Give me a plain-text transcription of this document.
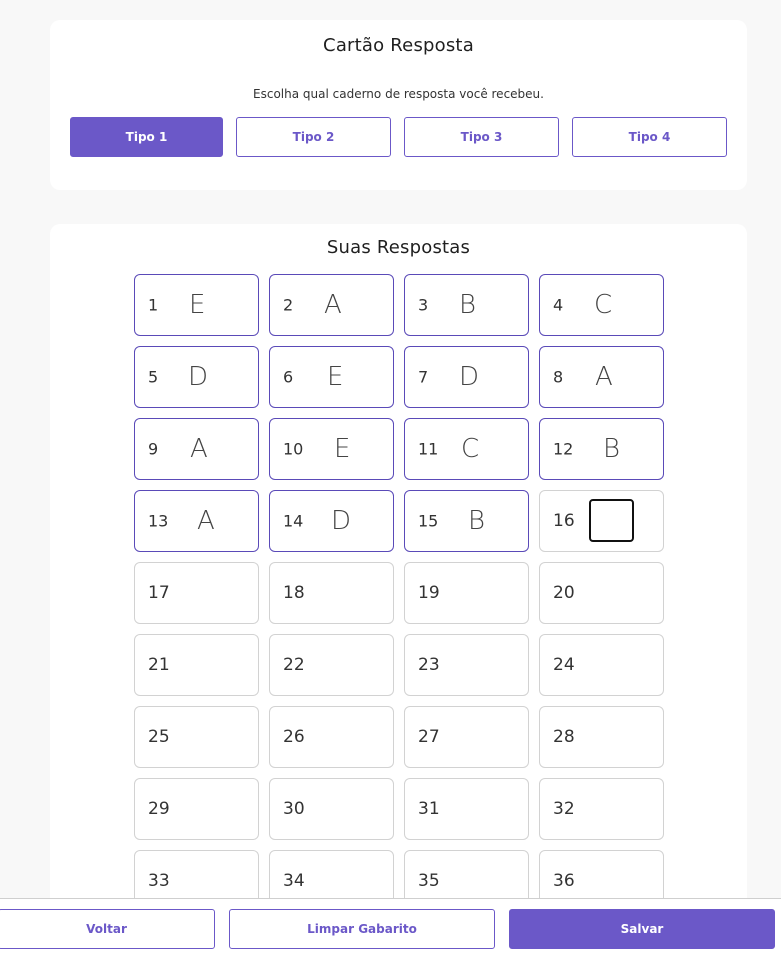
Cartão Resposta
Escolha qual caderno de resposta você recebeu.
Tipo 1	Tipo 2	Tipo 3	Tipo 4
Suas Respostas
1 E	2 A	3 B	4 C
5 D	6 E	7 D	8 A
9 A	10 E	11 C	12 B
13 A	14 D	15 B	16
17	18	19	20
21	22	23	24
25	26	27	28
29	30	31	32
33	34	35	36
Voltar	Limpar Gabarito	Salvar
